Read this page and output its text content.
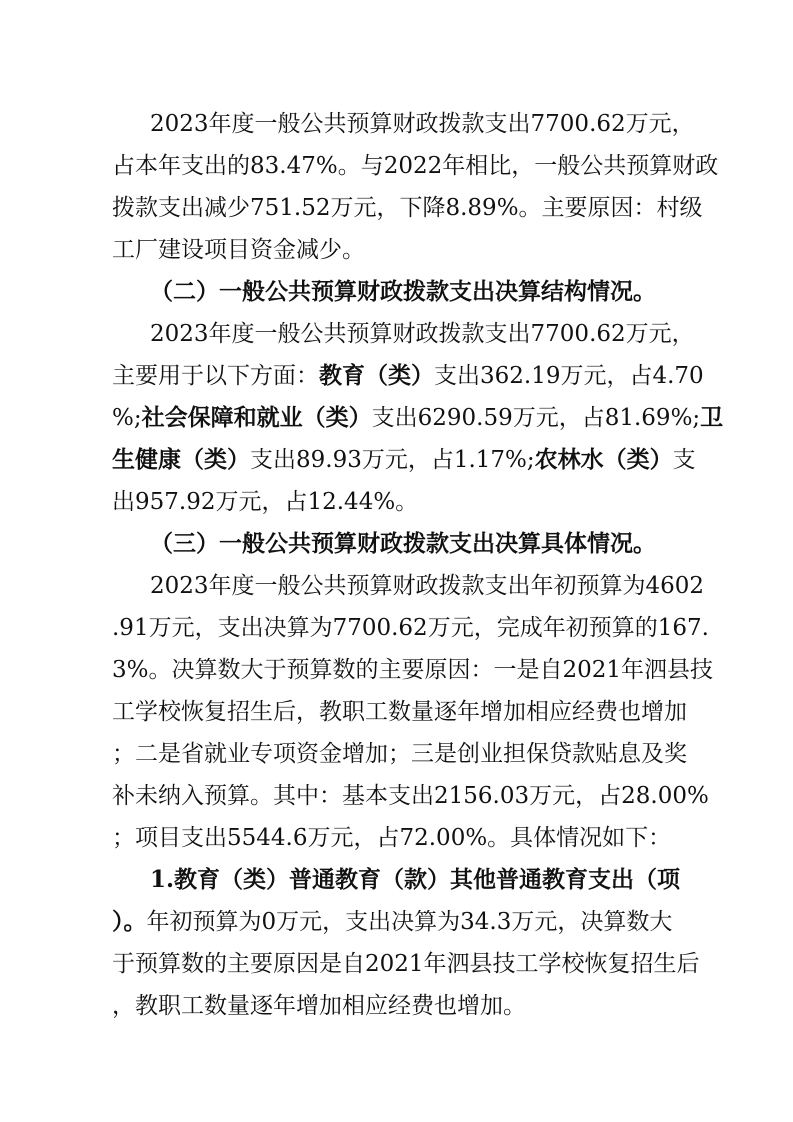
2023年度一般公共预算财政拨款支出7700.62万元，
占本年支出的83.47%。与2022年相比，一般公共预算财政
拨款支出减少751.52万元，下降8.89%。主要原因：村级
工厂建设项目资金减少。
（二）一般公共预算财政拨款支出决算结构情况。
2023年度一般公共预算财政拨款支出7700.62万元，
主要用于以下方面：教育（类）支出362.19万元，占4.70
%;社会保障和就业（类）支出6290.59万元，占81.69%;卫
生健康（类）支出89.93万元，占1.17%;农林水（类）支
出957.92万元，占12.44%。
（三）一般公共预算财政拨款支出决算具体情况。
2023年度一般公共预算财政拨款支出年初预算为4602
.91万元，支出决算为7700.62万元，完成年初预算的167.
3%。决算数大于预算数的主要原因：一是自2021年泗县技
工学校恢复招生后，教职工数量逐年增加相应经费也增加
；二是省就业专项资金增加；三是创业担保贷款贴息及奖
补未纳入预算。其中：基本支出2156.03万元，占28.00%
；项目支出5544.6万元，占72.00%。具体情况如下：
1.教育（类）普通教育（款）其他普通教育支出（项
）。年初预算为0万元，支出决算为34.3万元，决算数大
于预算数的主要原因是自2021年泗县技工学校恢复招生后
，教职工数量逐年增加相应经费也增加。
